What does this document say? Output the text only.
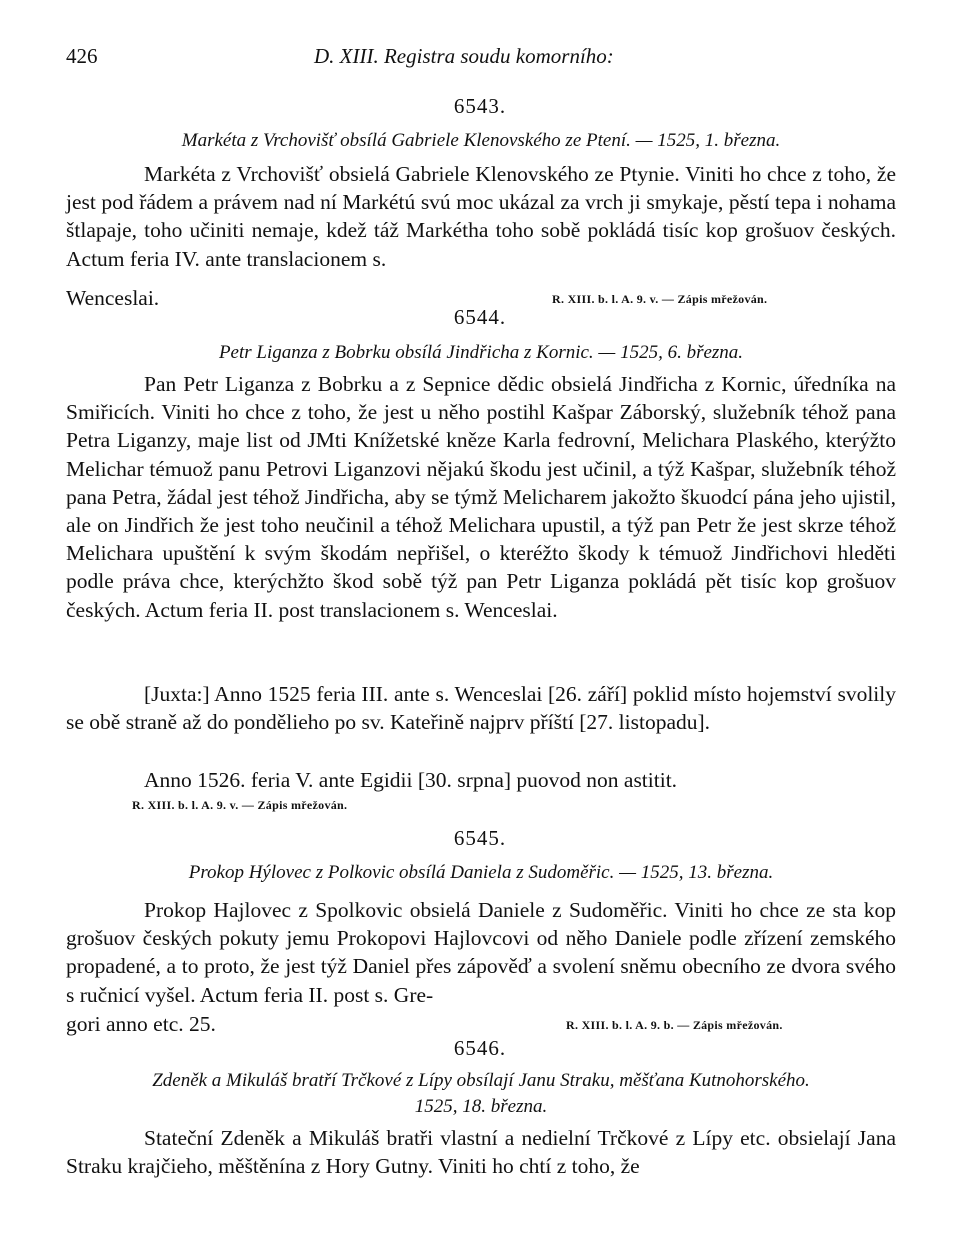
426	D. XIII. Registra soudu komorního:
6543.
Markéta z Vrchovišť obsílá Gabriele Klenovského ze Ptení. — 1525, 1. března.

Markéta z Vrchovišť obsielá Gabriele Klenovského ze Ptynie. Viniti ho chce z toho, že jest pod řádem a právem nad ní Markétú svú moc ukázal za vrch ji smykaje, pěstí tepa i nohama štlapaje, toho učiniti nemaje, kdež táž Markétha toho sobě pokládá tisíc kop grošuov českých. Actum feria IV. ante translacionem s.

Wenceslai.	R. XIII. b. l. A. 9. v. — Zápis mřežován.
6544.
Petr Liganza z Bobrku obsílá Jindřicha z Kornic. — 1525, 6. března.

Pan Petr Liganza z Bobrku a z Sepnice dědic obsielá Jindřicha z Kornic, úředníka na Smiřicích. Viniti ho chce z toho, že jest u něho postihl Kašpar Záborský, služebník téhož pana Petra Liganzy, maje list od JMti Knížetské kněze Karla fedrovní, Melichara Plaského, kterýžto Melichar témuož panu Petrovi Liganzovi nějakú škodu jest učinil, a týž Kašpar, služebník téhož pana Petra, žádal jest téhož Jindřicha, aby se týmž Melicharem jakožto škuodcí pána jeho ujistil, ale on Jindřich že jest toho neučinil a téhož Melichara upustil, a týž pan Petr že jest skrze téhož Melichara upuštění k svým škodám nepřišel, o kteréžto škody k témuož Jindřichovi hleděti podle práva chce, kterýchžto škod sobě týž pan Petr Liganza pokládá pět tisíc kop grošuov českých. Actum feria II. post translacionem s. Wenceslai.

[Juxta:] Anno 1525 feria III. ante s. Wenceslai [26. září] poklid místo hojemství svolily se obě straně až do pondělieho po sv. Kateřině najprv příští [27. listopadu].

Anno 1526. feria V. ante Egidii [30. srpna] puovod non astitit.

R. XIII. b. l. A. 9. v. — Zápis mřežován.
6545.
Prokop Hýlovec z Polkovic obsílá Daniela z Sudoměřic. — 1525, 13. března.

Prokop Hajlovec z Spolkovic obsielá Daniele z Sudoměřic. Viniti ho chce ze sta kop grošuov českých pokuty jemu Prokopovi Hajlovcovi od něho Daniele podle zřízení zemského propadené, a to proto, že jest týž Daniel přes zápověď a svolení sněmu obecního ze dvora svého s ručnicí vyšel. Actum feria II. post s. Gre-

gori anno etc. 25.	R. XIII. b. l. A. 9. b. — Zápis mřežován.
6546.
Zdeněk a Mikuláš bratří Trčkové z Lípy obsílají Janu Straku, měšťana Kutnohorského.
1525, 18. března.

Stateční Zdeněk a Mikuláš bratři vlastní a nedielní Trčkové z Lípy etc. obsielají Jana Straku krajčieho, měštěnína z Hory Gutny. Viniti ho chtí z toho, že
